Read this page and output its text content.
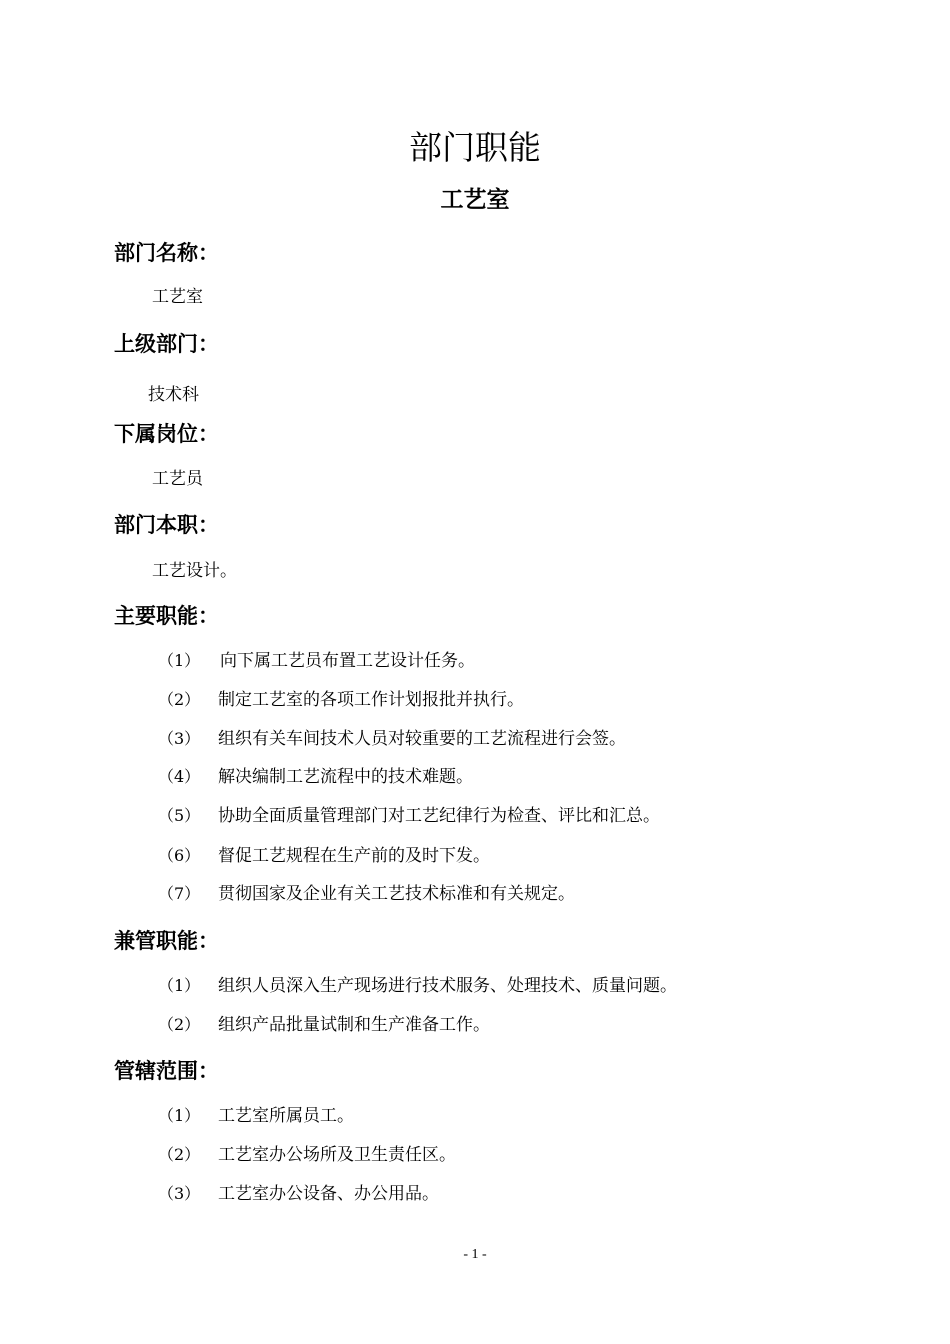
部门职能
工艺室
部门名称：
工艺室
上级部门：
技术科
下属岗位：
工艺员
部门本职：
工艺设计。
主要职能：
（1） 向下属工艺员布置工艺设计任务。
（2） 制定工艺室的各项工作计划报批并执行。
（3） 组织有关车间技术人员对较重要的工艺流程进行会签。
（4） 解决编制工艺流程中的技术难题。
（5） 协助全面质量管理部门对工艺纪律行为检查、评比和汇总。
（6） 督促工艺规程在生产前的及时下发。
（7） 贯彻国家及企业有关工艺技术标准和有关规定。
兼管职能：
（1） 组织人员深入生产现场进行技术服务、处理技术、质量问题。
（2） 组织产品批量试制和生产准备工作。
管辖范围：
（1） 工艺室所属员工。
（2） 工艺室办公场所及卫生责任区。
（3） 工艺室办公设备、办公用品。
- 1 -
